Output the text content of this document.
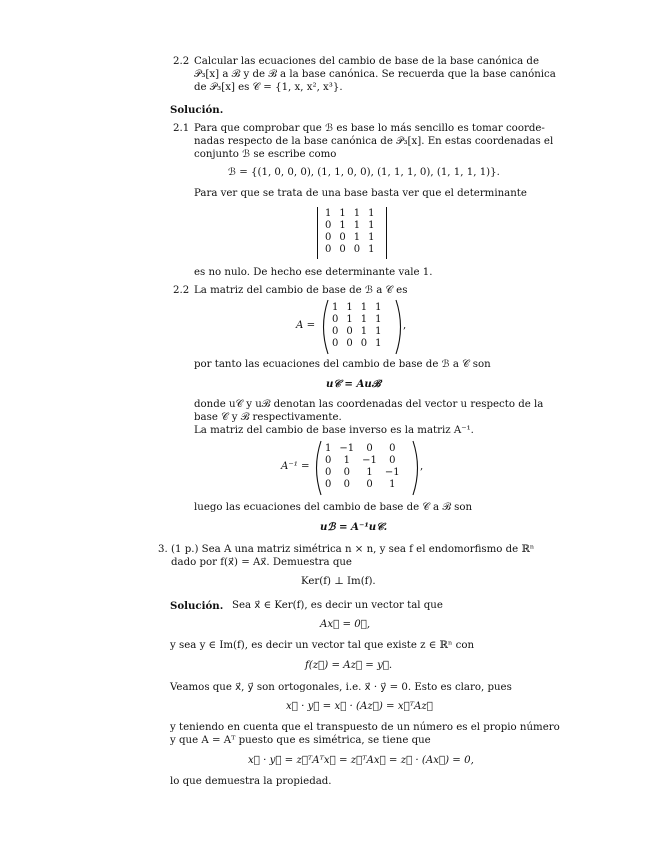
2.2 Calcular las ecuaciones del cambio de base de la base canónica de
𝒫₃[x] a ℬ y de ℬ a la base canónica. Se recuerda que la base canónica
de 𝒫₃[x] es 𝒞 = {1, x, x², x³}.
Solución.
2.1 Para que comprobar que ℬ es base lo más sencillo es tomar coorde-
nadas respecto de la base canónica de 𝒫₃[x]. En estas coordenadas el
conjunto ℬ se escribe como
ℬ = {(1, 0, 0, 0), (1, 1, 0, 0), (1, 1, 1, 0), (1, 1, 1, 1)}.
Para ver que se trata de una base basta ver que el determinante
1	1	1	1
0	1	1	1
0	0	1	1
0	0	0	1
es no nulo. De hecho ese determinante vale 1.
2.2 La matriz del cambio de base de ℬ a 𝒞 es
A =
1	1	1	1
0	1	1	1
0	0	1	1
0	0	0	1
,
por tanto las ecuaciones del cambio de base de ℬ a 𝒞 son
u𝒞 = Auℬ
donde u𝒞 y uℬ denotan las coordenadas del vector u respecto de la
base 𝒞 y ℬ respectivamente.
La matriz del cambio de base inverso es la matriz A⁻¹.
A⁻¹ =
1	−1	0	0
0	1	−1	0
0	0	1	−1
0	0	0	1
,
luego las ecuaciones del cambio de base de 𝒞 a ℬ son
uℬ = A⁻¹u𝒞.
3. (1 p.) Sea A una matriz simétrica n × n, y sea f el endomorfismo de ℝⁿ
dado por f(x⃗) = Ax⃗. Demuestra que
Ker(f) ⊥ Im(f).
Solución. Sea x⃗ ∈ Ker(f), es decir un vector tal que
Ax⃗ = 0⃗,
y sea y ∈ Im(f), es decir un vector tal que existe z ∈ ℝⁿ con
f(z⃗) = Az⃗ = y⃗.
Veamos que x⃗, y⃗ son ortogonales, i.e. x⃗ · y⃗ = 0. Esto es claro, pues
x⃗ · y⃗ = x⃗ · (Az⃗) = x⃗ᵀAz⃗
y teniendo en cuenta que el transpuesto de un número es el propio número
y que A = Aᵀ puesto que es simétrica, se tiene que
x⃗ · y⃗ = z⃗ᵀAᵀx⃗ = z⃗ᵀAx⃗ = z⃗ · (Ax⃗) = 0,
lo que demuestra la propiedad.
